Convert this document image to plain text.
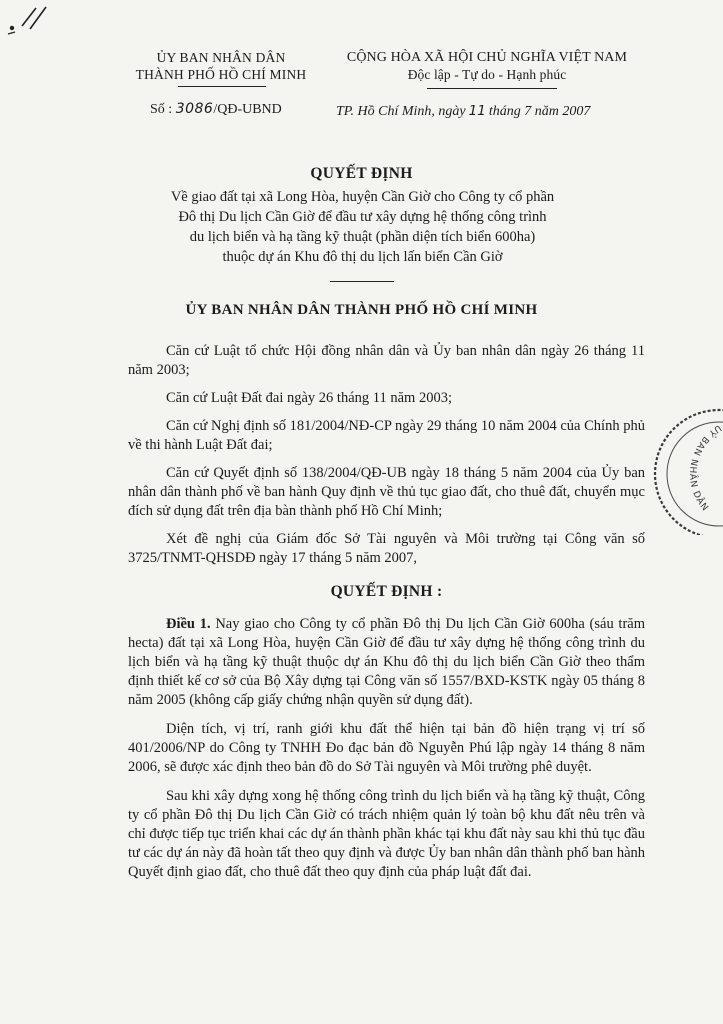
ỦY BAN NHÂN DÂN
THÀNH PHỐ HỒ CHÍ MINH
CỘNG HÒA XÃ HỘI CHỦ NGHĨA VIỆT NAM
Độc lập - Tự do - Hạnh phúc
Số : 3086/QĐ-UBND	TP. Hồ Chí Minh, ngày 11 tháng 7 năm 2007
QUYẾT ĐỊNH
Về giao đất tại xã Long Hòa, huyện Cần Giờ cho Công ty cổ phần
Đô thị Du lịch Cần Giờ để đầu tư xây dựng hệ thống công trình
du lịch biển và hạ tầng kỹ thuật (phần diện tích biển 600ha)
thuộc dự án Khu đô thị du lịch lấn biển Cần Giờ
ỦY BAN NHÂN DÂN THÀNH PHỐ HỒ CHÍ MINH

Căn cứ Luật tổ chức Hội đồng nhân dân và Ủy ban nhân dân ngày 26 tháng 11 năm 2003;

Căn cứ Luật Đất đai ngày 26 tháng 11 năm 2003;

Căn cứ Nghị định số 181/2004/NĐ-CP ngày 29 tháng 10 năm 2004 của Chính phủ về thi hành Luật Đất đai;

Căn cứ Quyết định số 138/2004/QĐ-UB ngày 18 tháng 5 năm 2004 của Ủy ban nhân dân thành phố về ban hành Quy định về thủ tục giao đất, cho thuê đất, chuyển mục đích sử dụng đất trên địa bàn thành phố Hồ Chí Minh;

Xét đề nghị của Giám đốc Sở Tài nguyên và Môi trường tại Công văn số 3725/TNMT-QHSDĐ ngày 17 tháng 5 năm 2007,

QUYẾT ĐỊNH :

Điều 1. Nay giao cho Công ty cổ phần Đô thị Du lịch Cần Giờ 600ha (sáu trăm hecta) đất tại xã Long Hòa, huyện Cần Giờ để đầu tư xây dựng hệ thống công trình du lịch biển và hạ tầng kỹ thuật thuộc dự án Khu đô thị du lịch biển Cần Giờ theo thẩm định thiết kế cơ sở của Bộ Xây dựng tại Công văn số 1557/BXD-KSTK ngày 05 tháng 8 năm 2005 (không cấp giấy chứng nhận quyền sử dụng đất).

Diện tích, vị trí, ranh giới khu đất thể hiện tại bản đồ hiện trạng vị trí số 401/2006/NP do Công ty TNHH Đo đạc bản đồ Nguyễn Phú lập ngày 14 tháng 8 năm 2006, sẽ được xác định theo bản đồ do Sở Tài nguyên và Môi trường phê duyệt.

Sau khi xây dựng xong hệ thống công trình du lịch biển và hạ tầng kỹ thuật, Công ty cổ phần Đô thị Du lịch Cần Giờ có trách nhiệm quản lý toàn bộ khu đất nêu trên và chỉ được tiếp tục triển khai các dự án thành phần khác tại khu đất này sau khi thủ tục đầu tư các dự án này đã hoàn tất theo quy định và được Ủy ban nhân dân thành phố ban hành Quyết định giao đất, cho thuê đất theo quy định của pháp luật đất đai.

UỶ BAN NHÂN DÂN
